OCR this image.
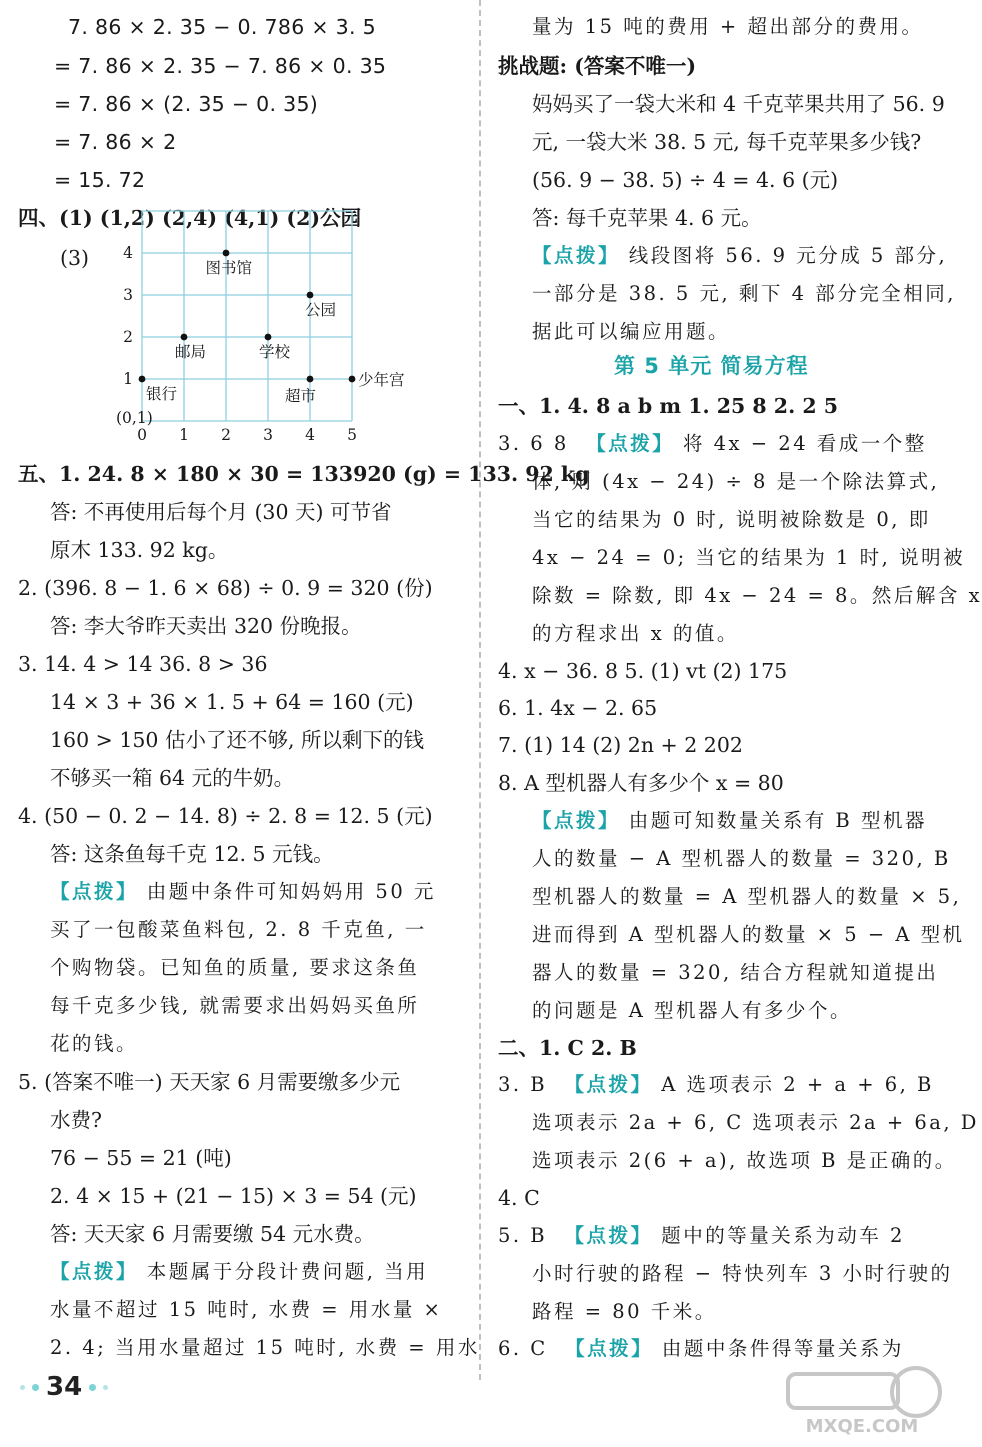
7. 86 × 2. 35 − 0. 786 × 3. 5
= 7. 86 × 2. 35 − 7. 86 × 0. 35
= 7. 86 × (2. 35 − 0. 35)
= 7. 86 × 2
= 15. 72
四、(1) (1,2) (2,4) (4,1) (2)公园
(3)
0 1 2 3 4 5
1
2
3
4
(0,1)
图书馆
公园
邮局	学校
银行	超市
少年宫
五、1. 24. 8 × 180 × 30 = 133920 (g) = 133. 92 kg
答: 不再使用后每个月 (30 天) 可节省
原木 133. 92 kg。
2. (396. 8 − 1. 6 × 68) ÷ 0. 9 = 320 (份)
答: 李大爷昨天卖出 320 份晚报。
3. 14. 4 > 14 36. 8 > 36
14 × 3 + 36 × 1. 5 + 64 = 160 (元)
160 > 150 估小了还不够, 所以剩下的钱
不够买一箱 64 元的牛奶。
4. (50 − 0. 2 − 14. 8) ÷ 2. 8 = 12. 5 (元)
答: 这条鱼每千克 12. 5 元钱。
【点拨】 由题中条件可知妈妈用 50 元
买了一包酸菜鱼料包, 2. 8 千克鱼, 一
个购物袋。已知鱼的质量, 要求这条鱼
每千克多少钱, 就需要求出妈妈买鱼所
花的钱。
5. (答案不唯一) 天天家 6 月需要缴多少元
水费?
76 − 55 = 21 (吨)
2. 4 × 15 + (21 − 15) × 3 = 54 (元)
答: 天天家 6 月需要缴 54 元水费。
【点拨】 本题属于分段计费问题, 当用
水量不超过 15 吨时, 水费 = 用水量 ×
2. 4; 当用水量超过 15 吨时, 水费 = 用水
量为 15 吨的费用 + 超出部分的费用。
挑战题: (答案不唯一)
妈妈买了一袋大米和 4 千克苹果共用了 56. 9
元, 一袋大米 38. 5 元, 每千克苹果多少钱?
(56. 9 − 38. 5) ÷ 4 = 4. 6 (元)
答: 每千克苹果 4. 6 元。
【点拨】 线段图将 56. 9 元分成 5 部分,
一部分是 38. 5 元, 剩下 4 部分完全相同,
据此可以编应用题。
第 5 单元 简易方程
一、1. 4. 8 a b m 1. 25 8 2. 2 5
3. 6 8 【点拨】 将 4x − 24 看成一个整
体, 则 (4x − 24) ÷ 8 是一个除法算式,
当它的结果为 0 时, 说明被除数是 0, 即
4x − 24 = 0; 当它的结果为 1 时, 说明被
除数 = 除数, 即 4x − 24 = 8。然后解含 x
的方程求出 x 的值。
4. x − 36. 8 5. (1) vt (2) 175
6. 1. 4x − 2. 65
7. (1) 14 (2) 2n + 2 202
8. A 型机器人有多少个 x = 80
【点拨】 由题可知数量关系有 B 型机器
人的数量 − A 型机器人的数量 = 320, B
型机器人的数量 = A 型机器人的数量 × 5,
进而得到 A 型机器人的数量 × 5 − A 型机
器人的数量 = 320, 结合方程就知道提出
的问题是 A 型机器人有多少个。
二、1. C 2. B
3. B 【点拨】 A 选项表示 2 + a + 6, B
选项表示 2a + 6, C 选项表示 2a + 6a, D
选项表示 2(6 + a), 故选项 B 是正确的。
4. C
5. B 【点拨】 题中的等量关系为动车 2
小时行驶的路程 − 特快列车 3 小时行驶的
路程 = 80 千米。
6. C 【点拨】 由题中条件得等量关系为
34
MXQE.COM
